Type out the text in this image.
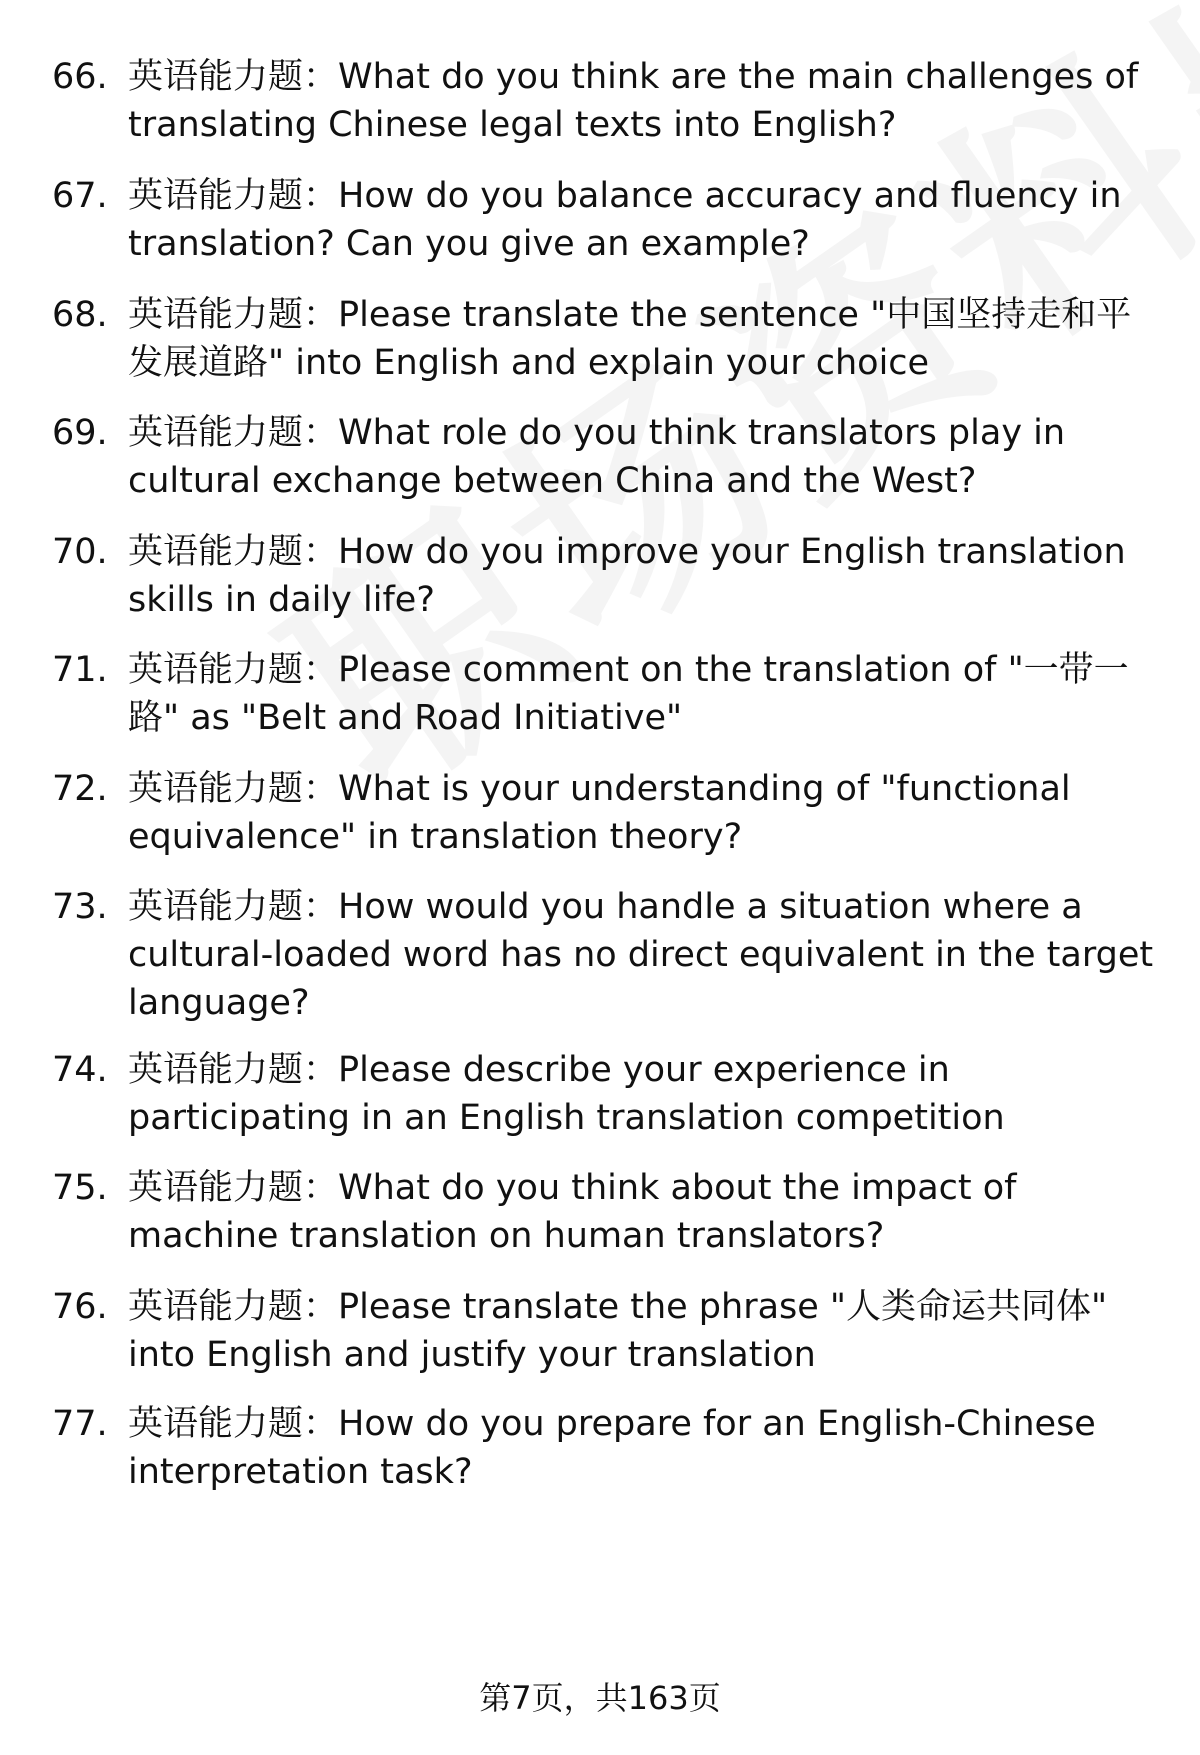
66. 英语能力题：What do you think are the main challenges of translating Chinese legal texts into English?
67. 英语能力题：How do you balance accuracy and fluency in translation? Can you give an example?
68. 英语能力题：Please translate the sentence "中国坚持走和平发展道路" into English and explain your choice
69. 英语能力题：What role do you think translators play in cultural exchange between China and the West?
70. 英语能力题：How do you improve your English translation skills in daily life?
71. 英语能力题：Please comment on the translation of "一带一路" as "Belt and Road Initiative"
72. 英语能力题：What is your understanding of "functional equivalence" in translation theory?
73. 英语能力题：How would you handle a situation where a cultural-loaded word has no direct equivalent in the target language?
74. 英语能力题：Please describe your experience in participating in an English translation competition
75. 英语能力题：What do you think about the impact of machine translation on human translators?
76. 英语能力题：Please translate the phrase "人类命运共同体" into English and justify your translation
77. 英语能力题：How do you prepare for an English-Chinese interpretation task?
第7页，共163页
